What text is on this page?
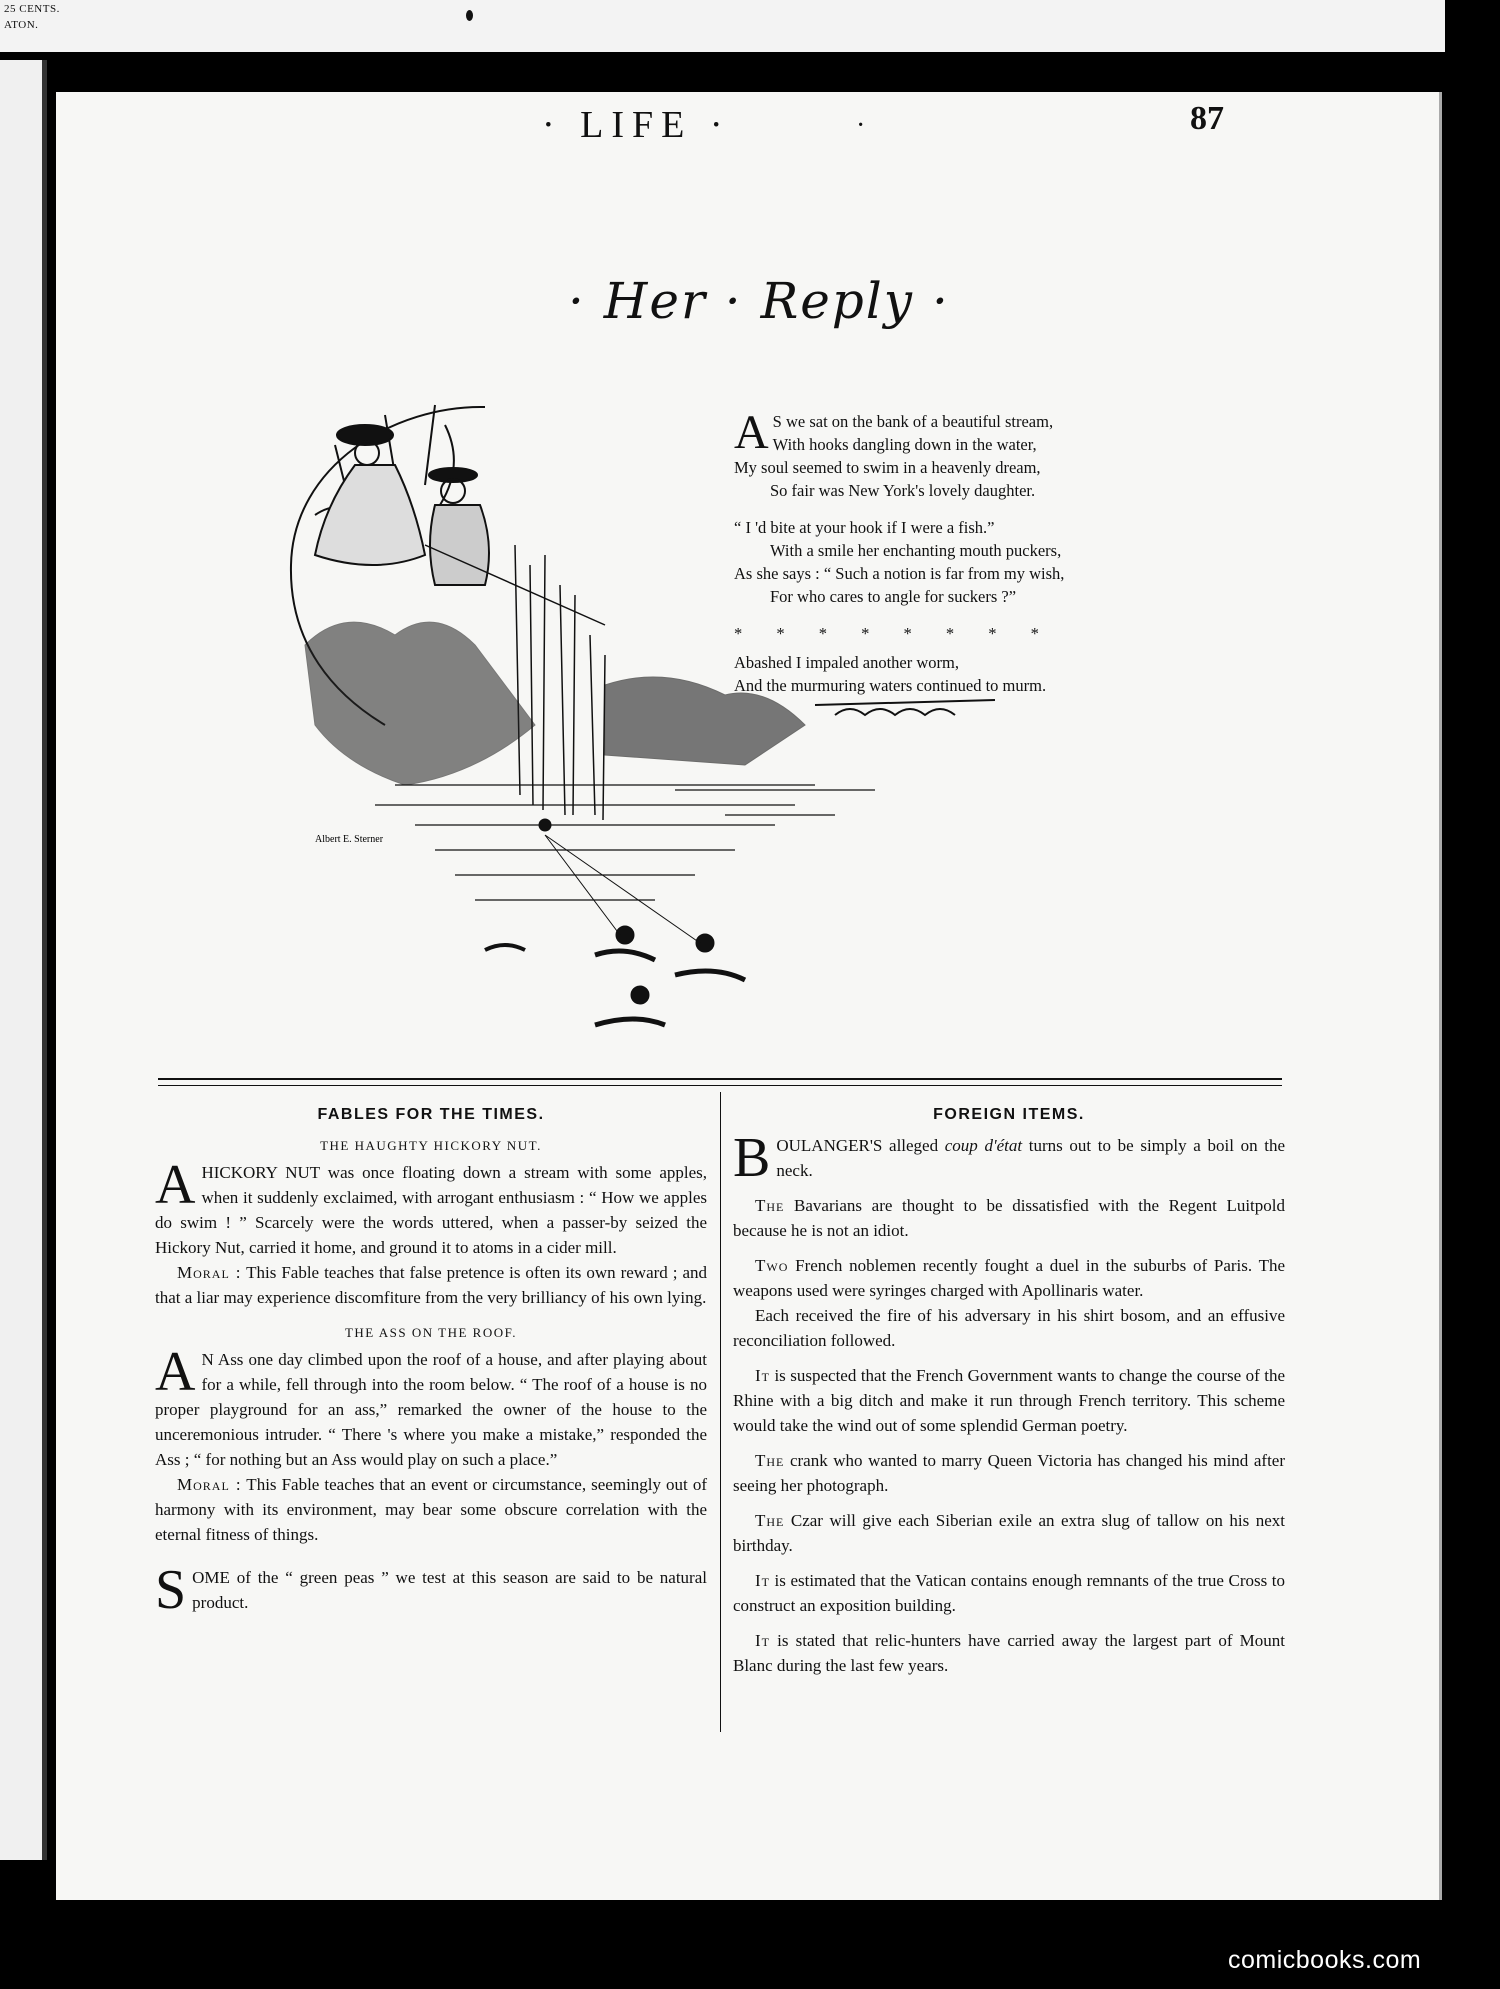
25 CENTS.
ATON.
· LIFE ·	·	87
· Her · Reply ·
Albert E. Sterner
A S we sat on the bank of a beautiful stream,
With hooks dangling down in the water,
My soul seemed to swim in a heavenly dream,
So fair was New York's lovely daughter.
“ I 'd bite at your hook if I were a fish.”
With a smile her enchanting mouth puckers,
As she says : “ Such a notion is far from my wish,
For who cares to angle for suckers ?”
* * * * * * * *
Abashed I impaled another worm,
And the murmuring waters continued to murm.
FABLES FOR THE TIMES.
THE HAUGHTY HICKORY NUT.

AHICKORY NUT was once floating down a stream with some apples, when it suddenly exclaimed, with arrogant enthusiasm : “ How we apples do swim ! ” Scarcely were the words uttered, when a passer-by seized the Hickory Nut, carried it home, and ground it to atoms in a cider mill.

Moral : This Fable teaches that false pretence is often its own reward ; and that a liar may experience discomfiture from the very brilliancy of his own lying.

THE ASS ON THE ROOF.

A N Ass one day climbed upon the roof of a house, and after playing about for a while, fell through into the room below. “ The roof of a house is no proper playground for an ass,” remarked the owner of the house to the unceremonious intruder. “ There 's where you make a mistake,” responded the Ass ; “ for nothing but an Ass would play on such a place.”

Moral : This Fable teaches that an event or circumstance, seemingly out of harmony with its environment, may bear some obscure correlation with the eternal fitness of things.

SOME of the “ green peas ” we test at this season are said to be natural product.

FOREIGN ITEMS.

BOULANGER'S alleged coup d'état turns out to be simply a boil on the neck.

The Bavarians are thought to be dissatisfied with the Regent Luitpold because he is not an idiot.

Two French noblemen recently fought a duel in the suburbs of Paris. The weapons used were syringes charged with Apollinaris water.

Each received the fire of his adversary in his shirt bosom, and an effusive reconciliation followed.

It is suspected that the French Government wants to change the course of the Rhine with a big ditch and make it run through French territory. This scheme would take the wind out of some splendid German poetry.

The crank who wanted to marry Queen Victoria has changed his mind after seeing her photograph.

The Czar will give each Siberian exile an extra slug of tallow on his next birthday.

It is estimated that the Vatican contains enough remnants of the true Cross to construct an exposition building.

It is stated that relic-hunters have carried away the largest part of Mount Blanc during the last few years.

comicbooks.com
